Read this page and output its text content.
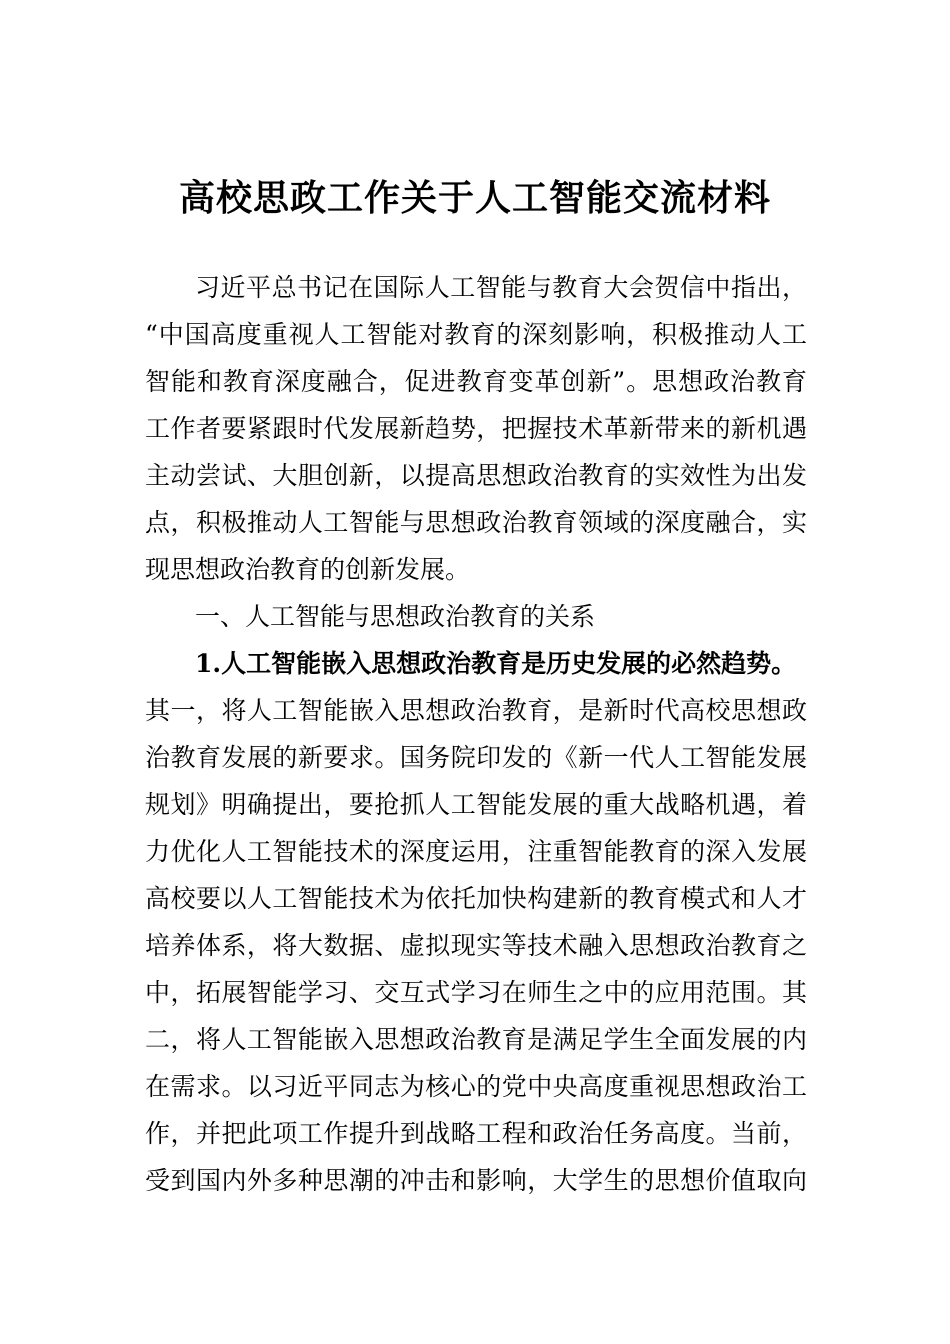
高校思政工作关于人工智能交流材料

习近平总书记在国际人工智能与教育大会贺信中指出，

“中国高度重视人工智能对教育的深刻影响，积极推动人工

智能和教育深度融合，促进教育变革创新”。思想政治教育

工作者要紧跟时代发展新趋势，把握技术革新带来的新机遇

主动尝试、大胆创新，以提高思想政治教育的实效性为出发

点，积极推动人工智能与思想政治教育领域的深度融合，实

现思想政治教育的创新发展。

一、人工智能与思想政治教育的关系

1.人工智能嵌入思想政治教育是历史发展的必然趋势。

其一，将人工智能嵌入思想政治教育，是新时代高校思想政

治教育发展的新要求。国务院印发的《新一代人工智能发展

规划》明确提出，要抢抓人工智能发展的重大战略机遇，着

力优化人工智能技术的深度运用，注重智能教育的深入发展

高校要以人工智能技术为依托加快构建新的教育模式和人才

培养体系，将大数据、虚拟现实等技术融入思想政治教育之

中，拓展智能学习、交互式学习在师生之中的应用范围。其

二，将人工智能嵌入思想政治教育是满足学生全面发展的内

在需求。以习近平同志为核心的党中央高度重视思想政治工

作，并把此项工作提升到战略工程和政治任务高度。当前，

受到国内外多种思潮的冲击和影响，大学生的思想价值取向
